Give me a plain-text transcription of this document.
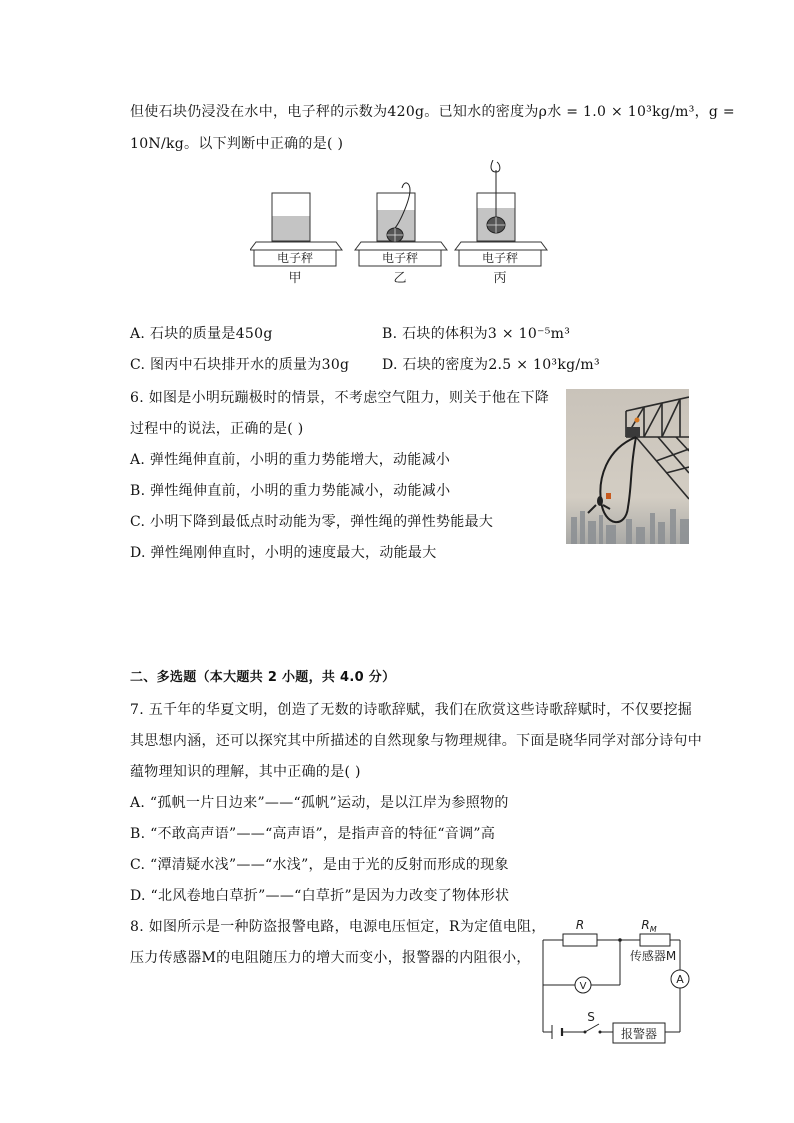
但使石块仍浸没在水中，电子秤的示数为420g。已知水的密度为ρ水 = 1.0 × 10³kg/m³，g =
10N/kg。以下判断中正确的是( )
电子秤
甲
电子秤
乙
电子秤
丙
A. 石块的质量是450g	B. 石块的体积为3 × 10⁻⁵m³
C. 图丙中石块排开水的质量为30g D. 石块的密度为2.5 × 10³kg/m³
6. 如图是小明玩蹦极时的情景，不考虑空气阻力，则关于他在下降
过程中的说法，正确的是( )
A. 弹性绳伸直前，小明的重力势能增大，动能减小
B. 弹性绳伸直前，小明的重力势能减小，动能减小
C. 小明下降到最低点时动能为零，弹性绳的弹性势能最大
D. 弹性绳刚伸直时，小明的速度最大，动能最大
二、多选题（本大题共 2 小题，共 4.0 分）
7. 五千年的华夏文明，创造了无数的诗歌辞赋，我们在欣赏这些诗歌辞赋时，不仅要挖掘
其思想内涵，还可以探究其中所描述的自然现象与物理规律。下面是晓华同学对部分诗句中
蕴物理知识的理解，其中正确的是( )
A. “孤帆一片日边来”——“孤帆”运动，是以江岸为参照物的
B. “不敢高声语”——“高声语”，是指声音的特征“音调”高
C. “潭清疑水浅”——“水浅”，是由于光的反射而形成的现象
D. “北风卷地白草折”——“白草折”是因为力改变了物体形状
8. 如图所示是一种防盗报警电路，电源电压恒定，R为定值电阻，
压力传感器M的电阻随压力的增大而变小，报警器的内阻很小，
R	$R_M$
传感器M
V
A
S
报警器
